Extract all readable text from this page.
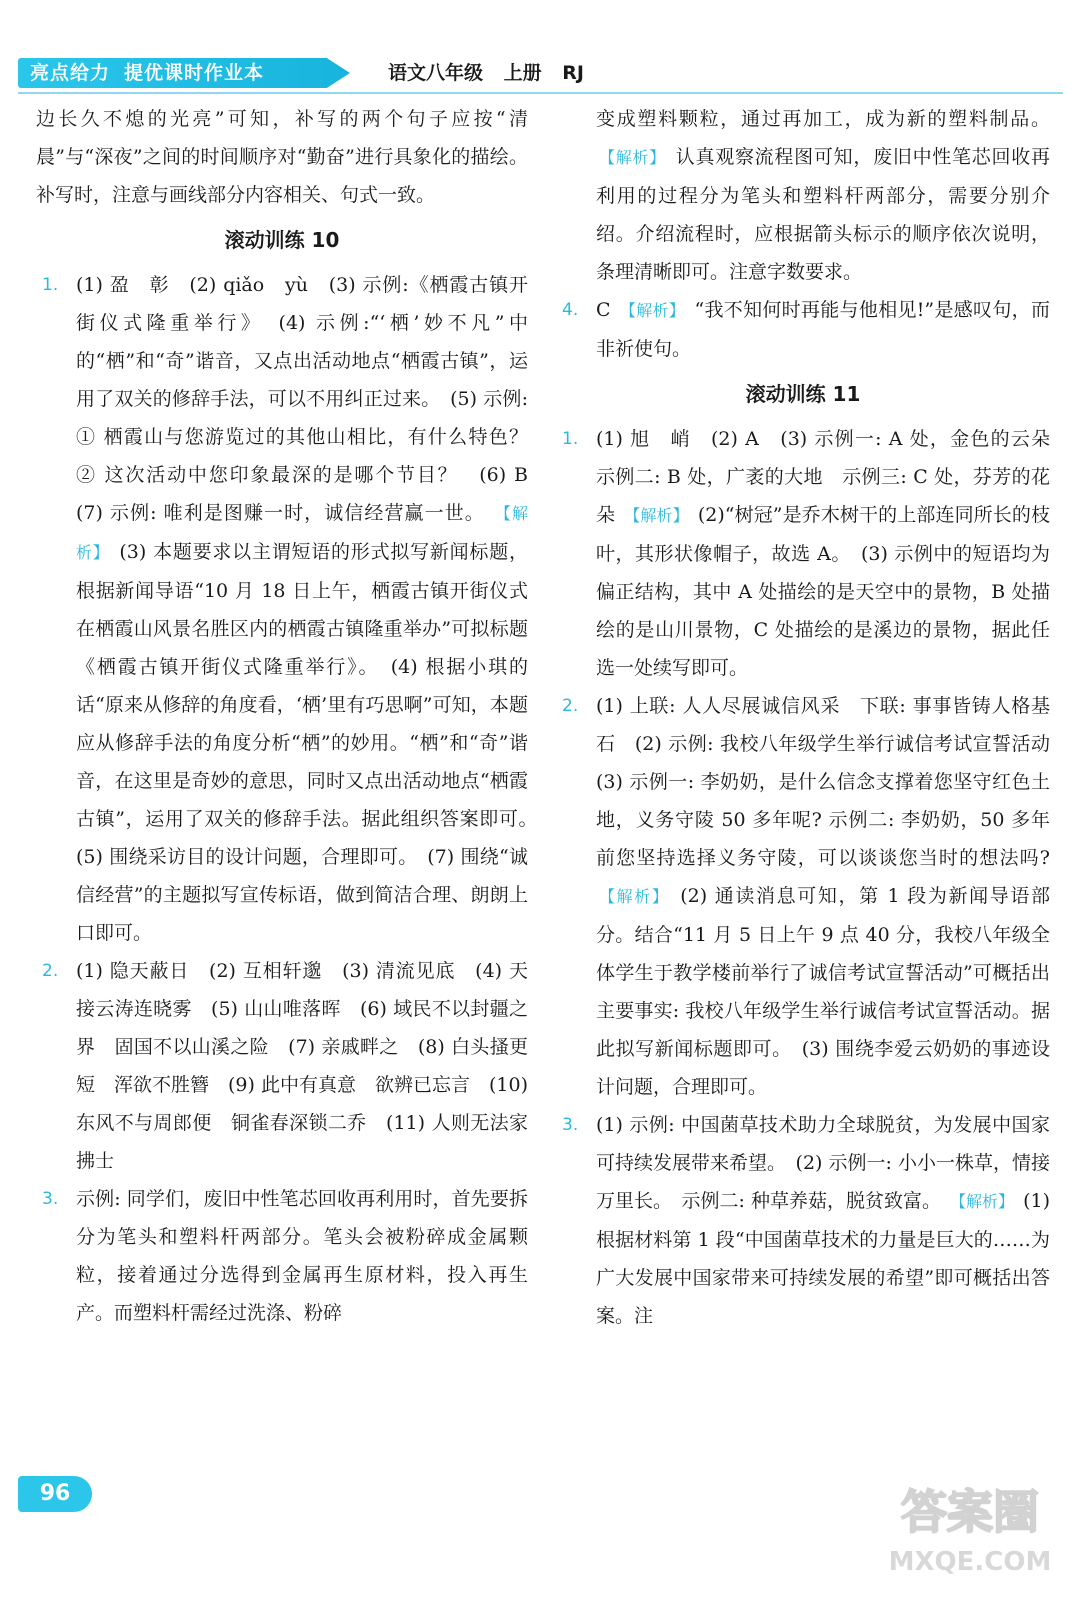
亮点给力 提优课时作业本	语文八年级 上册 RJ

边长久不熄的光亮”可知，补写的两个句子应按“清晨”与“深夜”之间的时间顺序对“勤奋”进行具象化的描绘。补写时，注意与画线部分内容相关、句式一致。

滚动训练 10
1. (1) 盈　彰　(2) qiǎo　yù　(3) 示例:《栖霞古镇开街仪式隆重举行》　(4) 示例:“‘栖’妙不凡”中的“栖”和“奇”谐音，又点出活动地点“栖霞古镇”，运用了双关的修辞手法，可以不用纠正过来。　(5) 示例: ① 栖霞山与您游览过的其他山相比，有什么特色？　② 这次活动中您印象最深的是哪个节目？　(6) B　(7) 示例: 唯利是图赚一时，诚信经营赢一世。 【解析】 (3) 本题要求以主谓短语的形式拟写新闻标题，根据新闻导语“10 月 18 日上午，栖霞古镇开街仪式在栖霞山风景名胜区内的栖霞古镇隆重举办”可拟标题《栖霞古镇开街仪式隆重举行》。　(4) 根据小琪的话“原来从修辞的角度看，‘栖’里有巧思啊”可知，本题应从修辞手法的角度分析“栖”的妙用。“栖”和“奇”谐音，在这里是奇妙的意思，同时又点出活动地点“栖霞古镇”，运用了双关的修辞手法。据此组织答案即可。　(5) 围绕采访目的设计问题，合理即可。　(7) 围绕“诚信经营”的主题拟写宣传标语，做到简洁合理、朗朗上口即可。
2. (1) 隐天蔽日　(2) 互相轩邈　(3) 清流见底　(4) 天接云涛连晓雾　(5) 山山唯落晖　(6) 域民不以封疆之界　固国不以山溪之险　(7) 亲戚畔之　(8) 白头搔更短　浑欲不胜簪　(9) 此中有真意　欲辨已忘言　(10) 东风不与周郎便　铜雀春深锁二乔　(11) 人则无法家拂士
3. 示例: 同学们，废旧中性笔芯回收再利用时，首先要拆分为笔头和塑料杆两部分。笔头会被粉碎成金属颗粒，接着通过分选得到金属再生原材料，投入再生产。而塑料杆需经过洗涤、粉碎
变成塑料颗粒，通过再加工，成为新的塑料制品。 【解析】 认真观察流程图可知，废旧中性笔芯回收再利用的过程分为笔头和塑料杆两部分，需要分别介绍。介绍流程时，应根据箭头标示的顺序依次说明，条理清晰即可。注意字数要求。
4. C 【解析】 “我不知何时再能与他相见!”是感叹句，而非祈使句。
滚动训练 11
1. (1) 旭　峭　(2) A　(3) 示例一: A 处，金色的云朵　示例二: B 处，广袤的大地　示例三: C 处，芬芳的花朵 【解析】 (2)“树冠”是乔木树干的上部连同所长的枝叶，其形状像帽子，故选 A。　(3) 示例中的短语均为偏正结构，其中 A 处描绘的是天空中的景物，B 处描绘的是山川景物，C 处描绘的是溪边的景物，据此任选一处续写即可。
2. (1) 上联: 人人尽展诚信风采　下联: 事事皆铸人格基石　(2) 示例: 我校八年级学生举行诚信考试宣誓活动　(3) 示例一: 李奶奶，是什么信念支撑着您坚守红色土地，义务守陵 50 多年呢? 示例二: 李奶奶，50 多年前您坚持选择义务守陵，可以谈谈您当时的想法吗? 【解析】 (2) 通读消息可知，第 1 段为新闻导语部分。结合“11 月 5 日上午 9 点 40 分，我校八年级全体学生于教学楼前举行了诚信考试宣誓活动”可概括出主要事实: 我校八年级学生举行诚信考试宣誓活动。据此拟写新闻标题即可。　(3) 围绕李爱云奶奶的事迹设计问题，合理即可。
3. (1) 示例: 中国菌草技术助力全球脱贫，为发展中国家可持续发展带来希望。　(2) 示例一: 小小一株草，情接万里长。　示例二: 种草养菇，脱贫致富。 【解析】 (1) 根据材料第 1 段“中国菌草技术的力量是巨大的……为广大发展中国家带来可持续发展的希望”即可概括出答案。注
96	答案圈
MXQE.COM
